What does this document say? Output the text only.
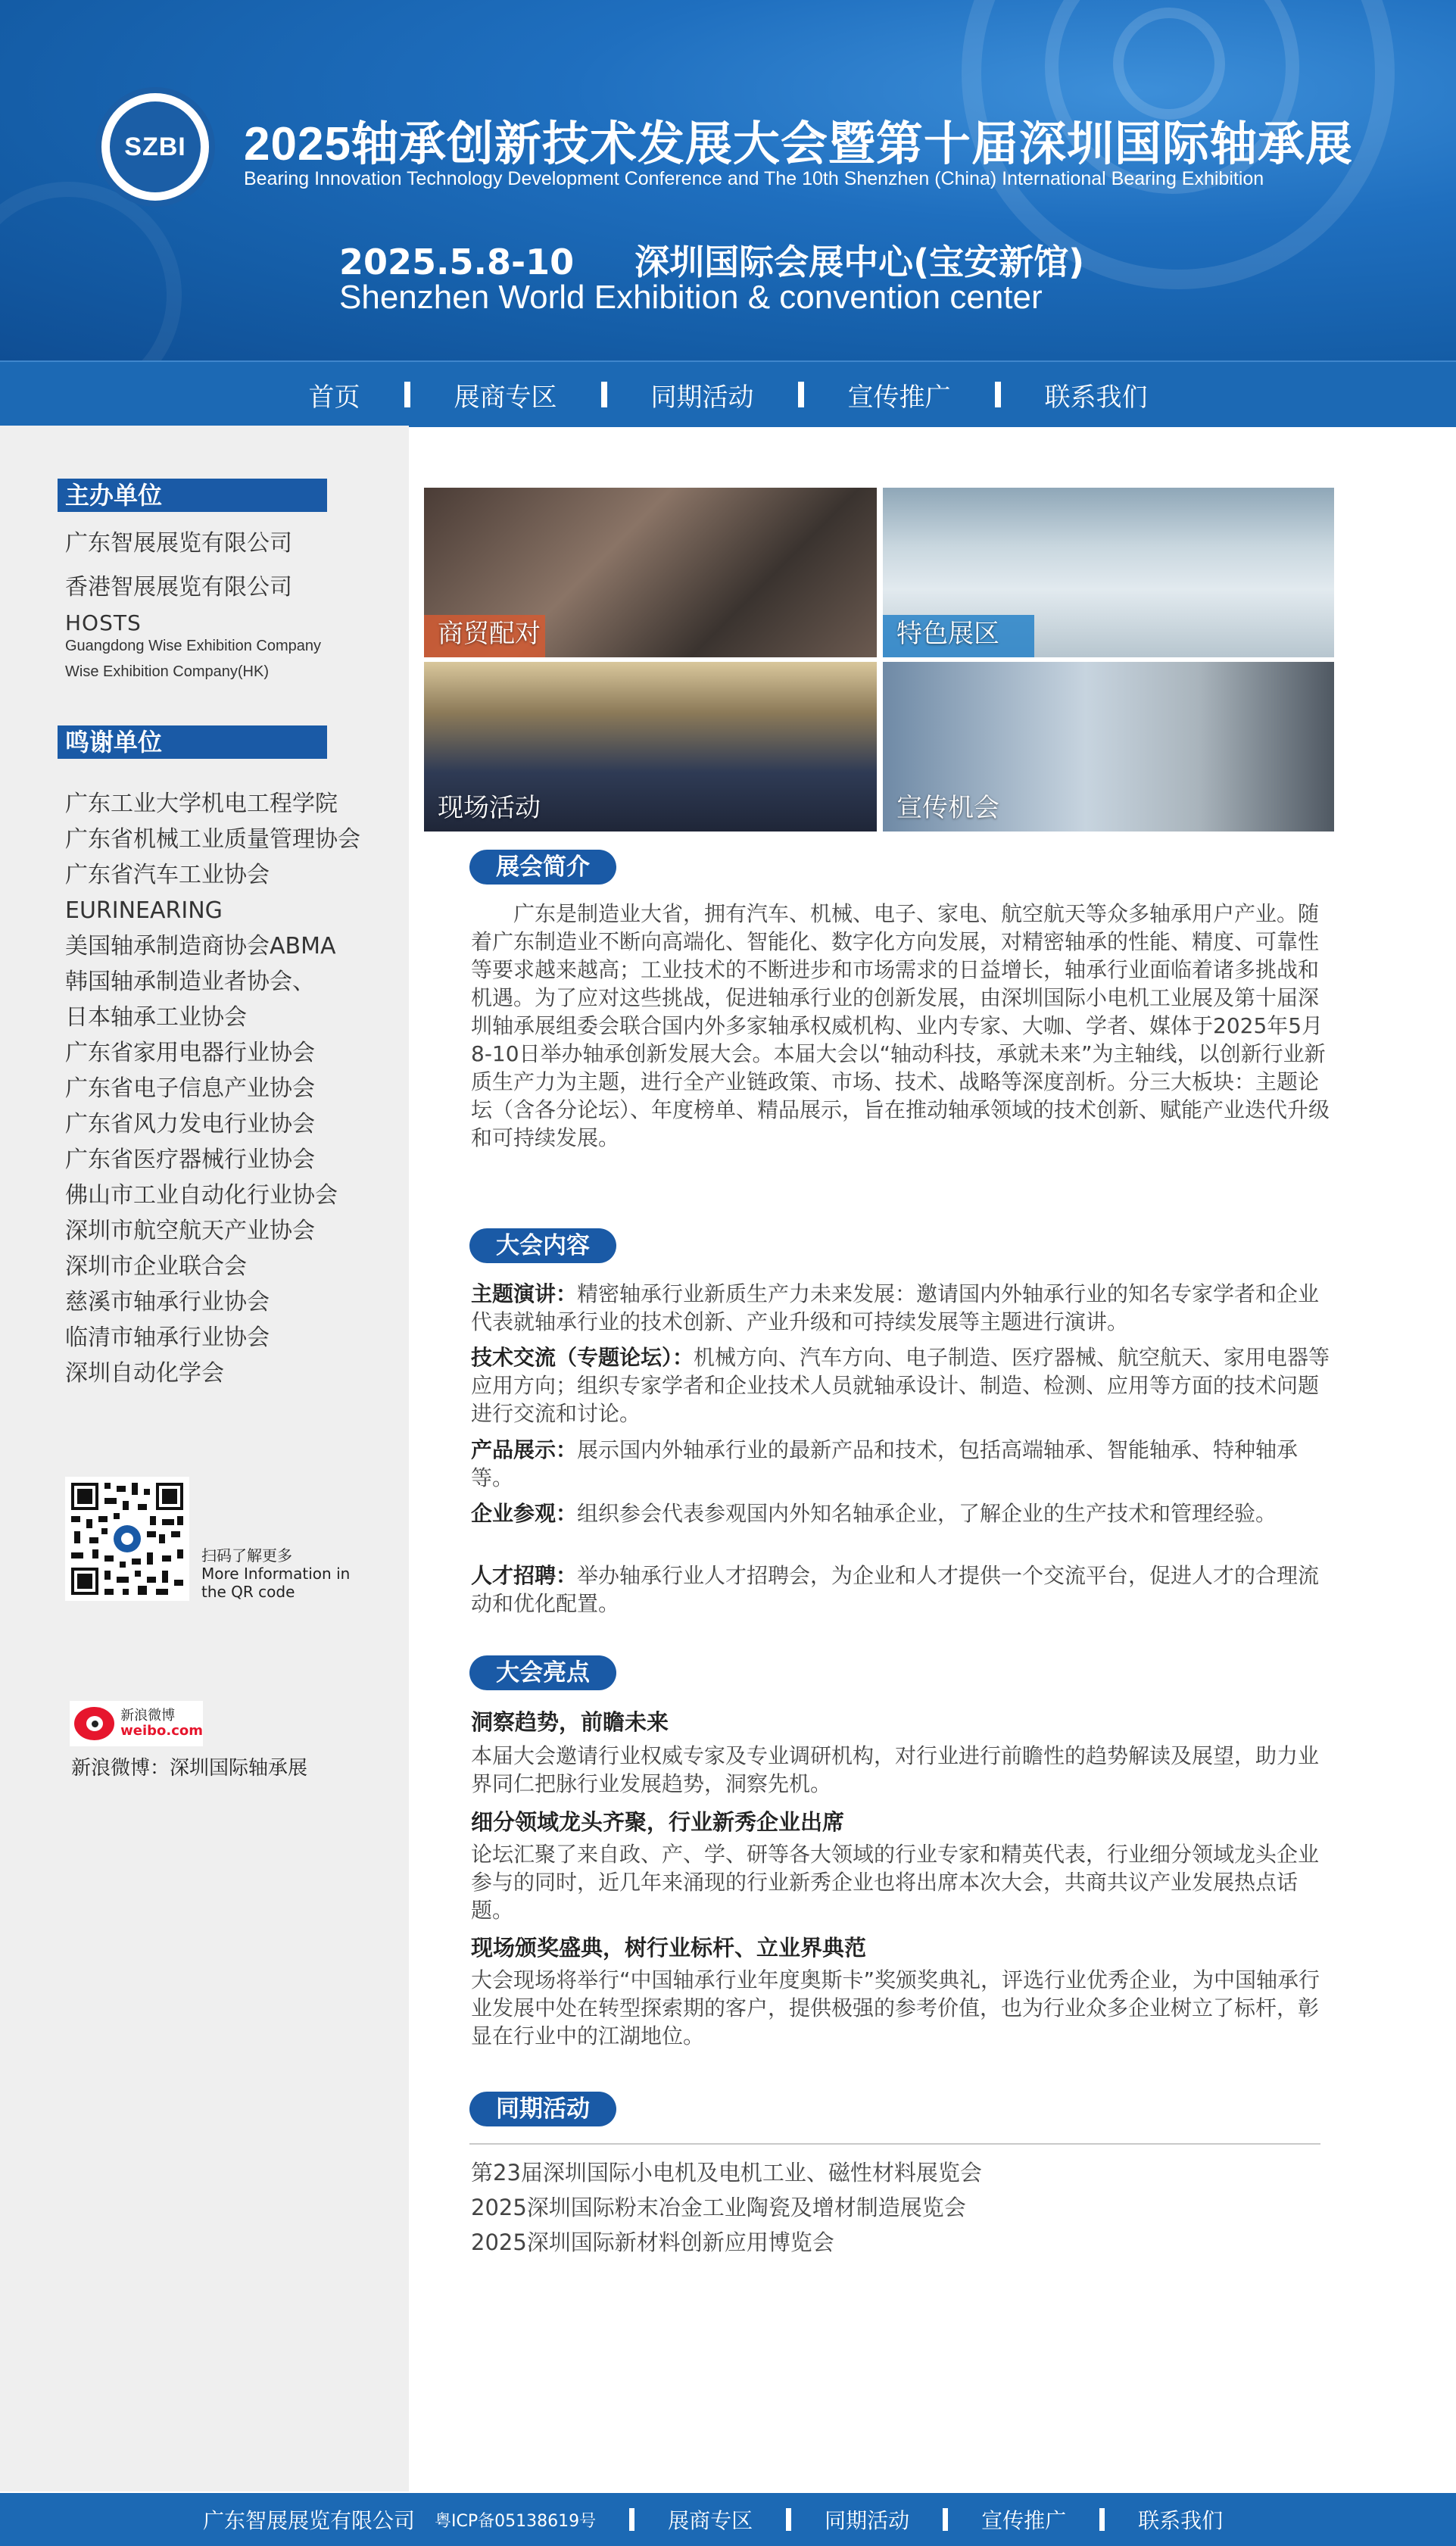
SZBI	2025轴承创新技术发展大会暨第十届深圳国际轴承展
Bearing Innovation Technology Development Conference and The 10th Shenzhen (China) International Bearing Exhibition
2025.5.8-10 深圳国际会展中心(宝安新馆)
Shenzhen World Exhibition & convention center
首页	展商专区	同期活动	宣传推广	联系我们
主办单位
广东智展展览有限公司
香港智展展览有限公司
HOSTS
Guangdong Wise Exhibition Company
Wise Exhibition Company(HK)
鸣谢单位
广东工业大学机电工程学院
广东省机械工业质量管理协会
广东省汽车工业协会
EURINEARING
美国轴承制造商协会ABMA
韩国轴承制造业者协会、
日本轴承工业协会
广东省家用电器行业协会
广东省电子信息产业协会
广东省风力发电行业协会
广东省医疗器械行业协会
佛山市工业自动化行业协会
深圳市航空航天产业协会
深圳市企业联合会
慈溪市轴承行业协会
临清市轴承行业协会
深圳自动化学会
扫码了解更多
More Information in
the QR code
新浪微博
weibo.com
新浪微博：深圳国际轴承展
商贸配对	特色展区
现场活动	宣传机会
展会简介

广东是制造业大省，拥有汽车、机械、电子、家电、航空航天等众多轴承用户产业。随着广东制造业不断向高端化、智能化、数字化方向发展，对精密轴承的性能、精度、可靠性等要求越来越高；工业技术的不断进步和市场需求的日益增长，轴承行业面临着诸多挑战和机遇。为了应对这些挑战，促进轴承行业的创新发展，由深圳国际小电机工业展及第十届深圳轴承展组委会联合国内外多家轴承权威机构、业内专家、大咖、学者、媒体于2025年5月8-10日举办轴承创新发展大会。本届大会以“轴动科技，承就未来”为主轴线，以创新行业新质生产力为主题，进行全产业链政策、市场、技术、战略等深度剖析。分三大板块：主题论坛（含各分论坛）、年度榜单、精品展示，旨在推动轴承领域的技术创新、赋能产业迭代升级和可持续发展。

大会内容

主题演讲：精密轴承行业新质生产力未来发展：邀请国内外轴承行业的知名专家学者和企业代表就轴承行业的技术创新、产业升级和可持续发展等主题进行演讲。

技术交流（专题论坛）：机械方向、汽车方向、电子制造、医疗器械、航空航天、家用电器等应用方向；组织专家学者和企业技术人员就轴承设计、制造、检测、应用等方面的技术问题进行交流和讨论。

产品展示：展示国内外轴承行业的最新产品和技术，包括高端轴承、智能轴承、特种轴承等。

企业参观：组织参会代表参观国内外知名轴承企业，了解企业的生产技术和管理经验。

人才招聘：举办轴承行业人才招聘会，为企业和人才提供一个交流平台，促进人才的合理流动和优化配置。

大会亮点
洞察趋势，前瞻未来

本届大会邀请行业权威专家及专业调研机构，对行业进行前瞻性的趋势解读及展望，助力业界同仁把脉行业发展趋势，洞察先机。

细分领域龙头齐聚，行业新秀企业出席

论坛汇聚了来自政、产、学、研等各大领域的行业专家和精英代表，行业细分领域龙头企业参与的同时，近几年来涌现的行业新秀企业也将出席本次大会，共商共议产业发展热点话题。

现场颁奖盛典，树行业标杆、立业界典范

大会现场将举行“中国轴承行业年度奥斯卡”奖颁奖典礼，评选行业优秀企业，为中国轴承行业发展中处在转型探索期的客户，提供极强的参考价值，也为行业众多企业树立了标杆，彰显在行业中的江湖地位。

同期活动
第23届深圳国际小电机及电机工业、磁性材料展览会
2025深圳国际粉末冶金工业陶瓷及增材制造展览会
2025深圳国际新材料创新应用博览会
广东智展展览有限公司 粤ICP备05138619号	展商专区	同期活动	宣传推广	联系我们
